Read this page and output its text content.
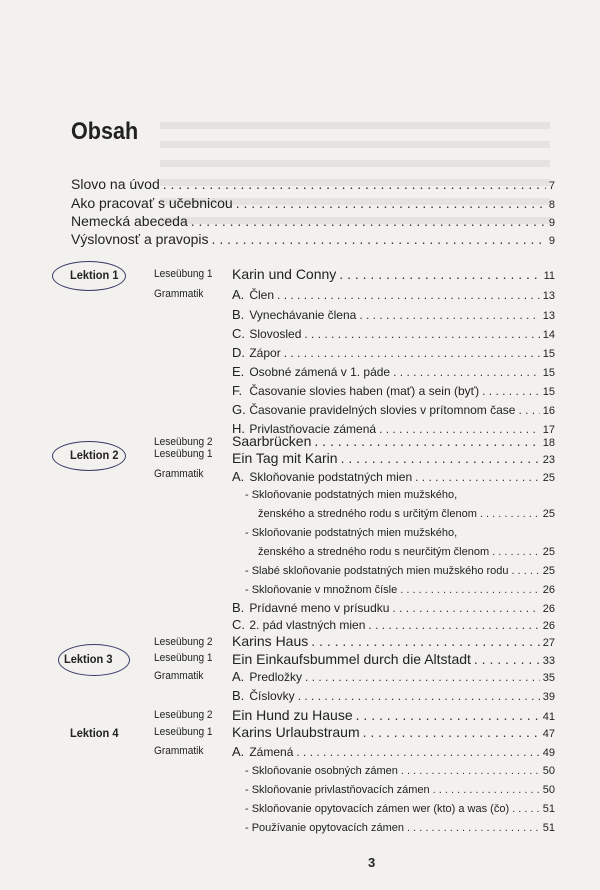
Obsah
Slovo na úvod . . .	7
Ako pracovať s učebnicou . . .	8
Nemecká abeceda . . .	9
Výslovnosť a pravopis . . .	9
Lektion 1	Leseübung 1 Karin und Conny . . .	11
Grammatik A. Člen . . .	13
B. Vynechávanie člena . . .	13
C. Slovosled . . .	14
D. Zápor . . .	15
E. Osobné zámená v 1. páde . . .	15
F. Časovanie slovies haben (mať) a sein (byť) . . .	15
G. Časovanie pravidelných slovies v prítomnom čase . . . 16
H. Privlastňovacie zámená . . .	17
Leseübung 2 Saarbrücken . . .	18
Lektion 2	Leseübung 1 Ein Tag mit Karin . . .	23
Grammatik A. Skloňovanie podstatných mien . . .	25
- Skloňovanie podstatných mien mužského,
ženského a stredného rodu s určitým členom . . .	25
- Skloňovanie podstatných mien mužského,
ženského a stredného rodu s neurčitým členom . . .	25
- Slabé skloňovanie podstatných mien mužského rodu . . .	25
- Skloňovanie v množnom čísle . . .	26
B. Prídavné meno v prísudku . . .	26
C. 2. pád vlastných mien . . .	26
Leseübung 2 Karins Haus . . .	27
Lektion 3	Leseübung 1 Ein Einkaufsbummel durch die Altstadt . . .	33
Grammatik A. Predložky . . .	35
B. Číslovky . . .	39
Leseübung 2 Ein Hund zu Hause . . .	41
Lektion 4	Leseübung 1 Karins Urlaubstraum . . .	47
Grammatik A. Zámená . . .	49
- Skloňovanie osobných zámen . . .	50
- Skloňovanie privlastňovacích zámen . . .	50
- Skloňovanie opytovacích zámen wer (kto) a was (čo) . . .	51
- Používanie opytovacích zámen . . .	51
3
